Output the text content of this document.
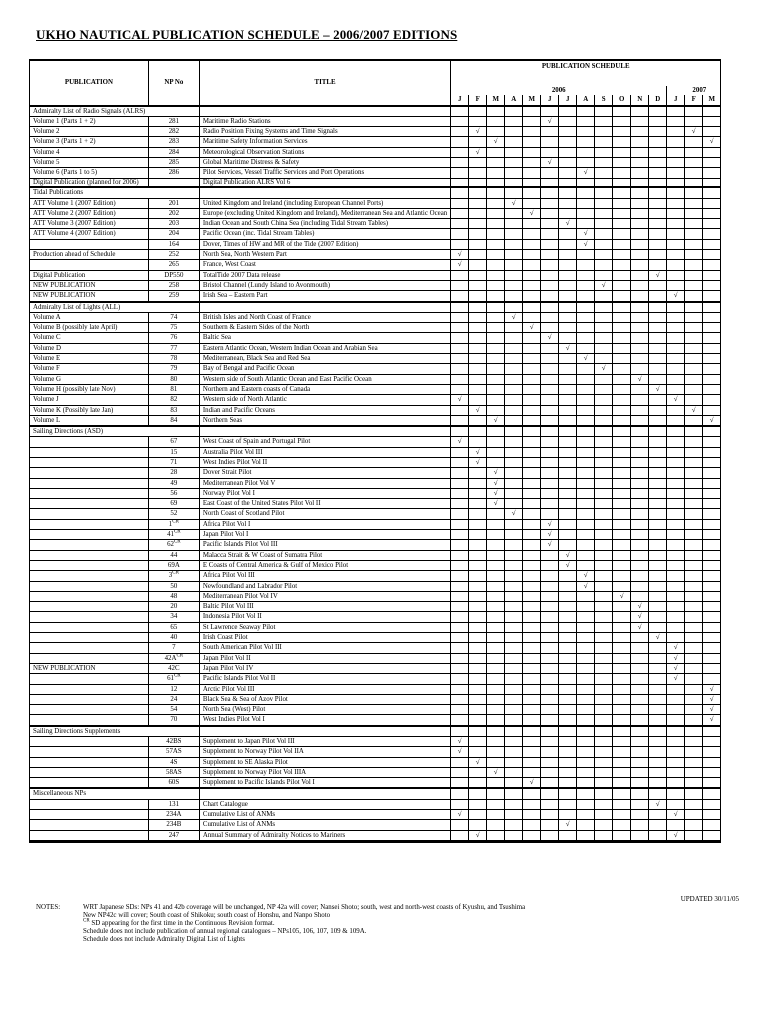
UKHO NAUTICAL PUBLICATION SCHEDULE – 2006/2007 EDITIONS
PUBLICATION	NP No	TITLE	PUBLICATION SCHEDULE														
			2006												2007		
			J	F	M	A	M	J	J	A	S	O	N	D	J	F	M
Admiralty List of Radio Signals (ALRS)																	
Volume 1 (Parts 1 + 2)	281	Maritime Radio Stations						√									
Volume 2	282	Radio Position Fixing Systems and Time Signals		√												√	
Volume 3 (Parts 1 + 2)	283	Maritime Safety Information Services			√												√
Volume 4	284	Meteorological Observation Stations		√													
Volume 5	285	Global Maritime Distress & Safety						√									
Volume 6 (Parts 1 to 5)	286	Pilot Services, Vessel Traffic Services and Port Operations								√							
Digital Publication (planned for 2006)		Digital Publication ALRS Vol 6															
Tidal Publications																	
ATT Volume 1 (2007 Edition)	201	United Kingdom and Ireland (including European Channel Ports)				√											
ATT Volume 2 (2007 Edition)	202	Europe (excluding United Kingdom and Ireland), Mediterranean Sea and Atlantic Ocean					√										
ATT Volume 3 (2007 Edition)	203	Indian Ocean and South China Sea (including Tidal Stream Tables)							√								
ATT Volume 4 (2007 Edition)	204	Pacific Ocean (inc. Tidal Stream Tables)								√							
	164	Dover, Times of HW and MR of the Tide (2007 Edition)								√							
Production ahead of Schedule	252	North Sea, North Western Part	√														
	265	France, West Coast	√														
Digital Publication	DP550	TotalTide 2007 Data release												√			
NEW PUBLICATION	258	Bristol Channel (Lundy Island to Avonmouth)									√						
NEW PUBLICATION	259	Irish Sea – Eastern Part													√		
Admiralty List of Lights (ALL)																	
Volume A	74	British Isles and North Coast of France				√											
Volume B (possibly late April)	75	Southern & Eastern Sides of the North					√										
Volume C	76	Baltic Sea						√									
Volume D	77	Eastern Atlantic Ocean, Western Indian Ocean and Arabian Sea							√								
Volume E	78	Mediterranean, Black Sea and Red Sea								√							
Volume F	79	Bay of Bengal and Pacific Ocean									√						
Volume G	80	Western side of South Atlantic Ocean and East Pacific Ocean											√				
Volume H (possibly late Nov)	81	Northern and Eastern coasts of Canada												√			
Volume J	82	Western side of North Atlantic	√												√		
Volume K (Possibly late Jan)	83	Indian and Pacific Oceans		√												√	
Volume L	84	Northern Seas			√												√
Sailing Directions (ASD)																	
	67	West Coast of Spain and Portugal Pilot	√														
	15	Australia Pilot Vol III		√													
	71	West Indies Pilot Vol II		√													
	28	Dover Strait Pilot			√												
	49	Mediterranean Pilot Vol V			√												
	56	Norway Pilot Vol I			√												
	69	East Coast of the United States Pilot Vol II			√												
	52	North Coast of Scotland Pilot				√											
	$1^{CR}$	Africa Pilot Vol I						√									
	$41^{CR}$	Japan Pilot Vol I						√									
	$62^{CR}$	Pacific Islands Pilot Vol III						√									
	44	Malacca Strait & W Coast of Sumatra Pilot							√								
	69A	E Coasts of Central America & Gulf of Mexico Pilot							√								
	$3^{CR}$	Africa Pilot Vol III								√							
	50	Newfoundland and Labrador Pilot								√							
	48	Mediterranean Pilot Vol IV										√					
	20	Baltic Pilot Vol III											√				
	34	Indonesia Pilot Vol II											√				
	65	St Lawrence Seaway Pilot											√				
	40	Irish Coast Pilot												√			
	7	South American Pilot Vol III													√		
	$42A^{CR}$	Japan Pilot Vol II													√		
NEW PUBLICATION	42C	Japan Pilot Vol IV													√		
	$61^{CR}$	Pacific Islands Pilot Vol II													√		
	12	Arctic Pilot Vol III															√
	24	Black Sea & Sea of Azov Pilot															√
	54	North Sea (West) Pilot															√
	70	West Indies Pilot Vol I															√
Sailing Directions Supplements																	
	42BS	Supplement to Japan Pilot Vol III	√														
	57AS	Supplement to Norway Pilot Vol IIA	√														
	4S	Supplement to SE Alaska Pilot		√													
	58AS	Supplement to Norway Pilot Vol IIIA			√												
	60S	Supplement to Pacific Islands Pilot Vol I					√										
Miscellaneous NPs																	
	131	Chart Catalogue												√			
	234A	Cumulative List of ANMs	√												√		
	234B	Cumulative List of ANMs							√								
	247	Annual Summary of Admiralty Notices to Mariners		√											√		

UPDATED 30/11/05
NOTES:	WRT Japanese SDs: NPs 41 and 42b coverage will be unchanged, NP 42a will cover; Nansei Shoto; south, west and north-west coasts of Kyushu, and Tsushima
New NP42c will cover; South coast of Shikoku; south coast of Honshu, and Nanpo Shoto
$^{CR}$ SD appearing for the first time in the Continuous Revision format.
Schedule does not include publication of annual regional catalogues – NPs105, 106, 107, 109 & 109A.
Schedule does not include Admiralty Digital List of Lights
